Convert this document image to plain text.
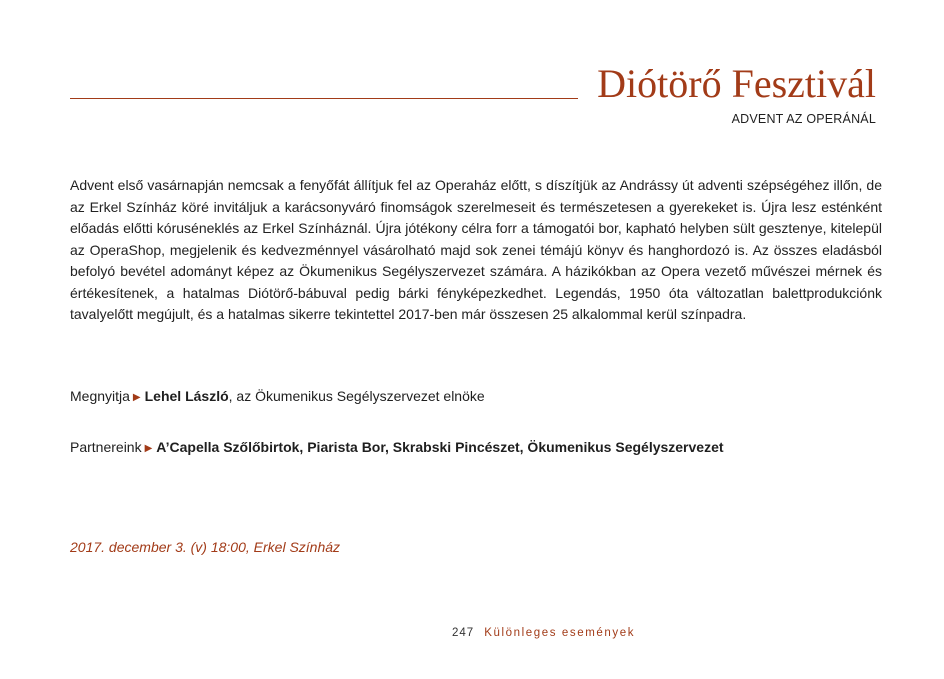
Diótörő Fesztivál
ADVENT AZ OPERÁNÁL
Advent első vasárnapján nemcsak a fenyőfát állítjuk fel az Operaház előtt, s díszítjük az Andrássy út adventi szépségéhez illőn, de az Erkel Színház köré invitáljuk a karácsonyváró finomságok szerelmeseit és természetesen a gyerekeket is. Újra lesz esténként előadás előtti kóruséneklés az Erkel Színháznál. Újra jótékony célra forr a támogatói bor, kapható helyben sült gesztenye, kitelepül az OperaShop, megjelenik és kedvezménnyel vásárolható majd sok zenei témájú könyv és hanghordozó is. Az összes eladásból befolyó bevétel adományt képez az Ökumenikus Segélyszervezet számára. A házikókban az Opera vezető művészei mérnek és értékesítenek, a hatalmas Diótörő-bábuval pedig bárki fényképezkedhet. Legendás, 1950 óta változatlan balettprodukciónk tavalyelőtt megújult, és a hatalmas sikerre tekintettel 2017-ben már összesen 25 alkalommal kerül színpadra.
Megnyitja ▶ Lehel László, az Ökumenikus Segélyszervezet elnöke
Partnereink ▶ A’Capella Szőlőbirtok, Piarista Bor, Skrabski Pincészet, Ökumenikus Segélyszervezet
2017. december 3. (v) 18:00, Erkel Színház
247 Különleges események
